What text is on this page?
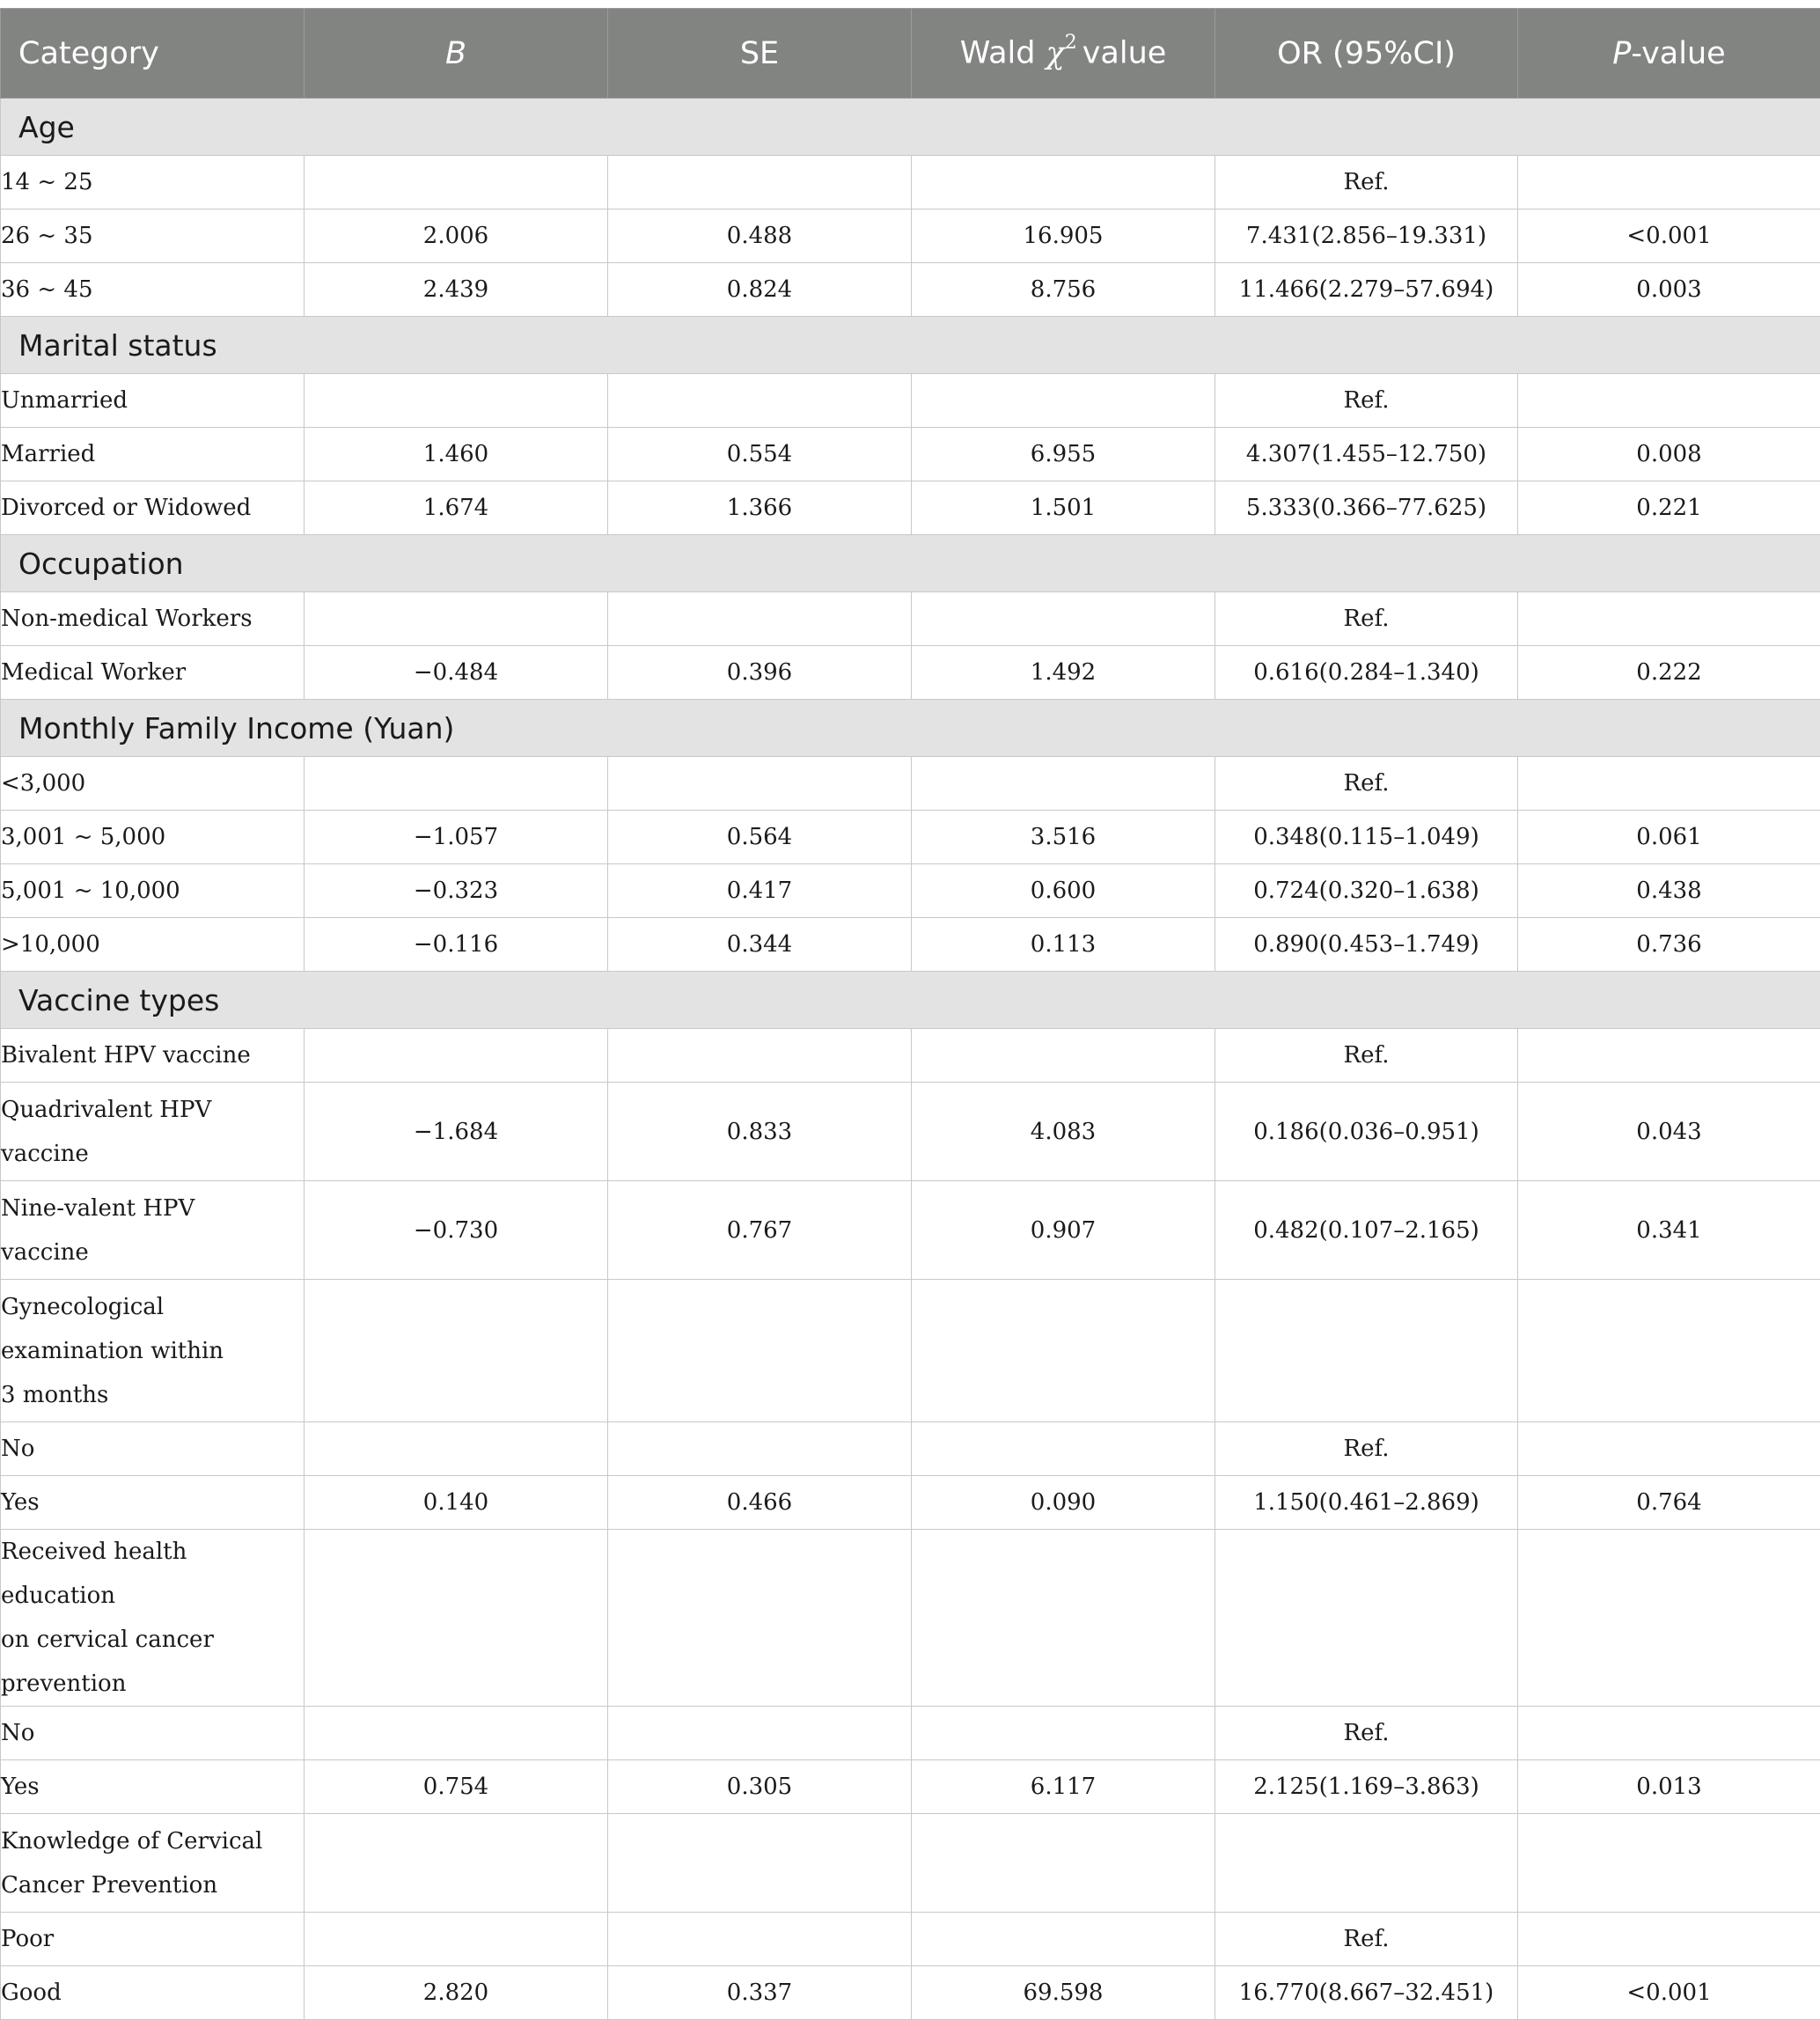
Category	B	SE	Wald $\chi^2$ value	OR (95%CI)	P-value
Age					
14 ~ 25				Ref.	
26 ~ 35	2.006	0.488	16.905	7.431(2.856–19.331)	<0.001
36 ~ 45	2.439	0.824	8.756	11.466(2.279–57.694)	0.003
Marital status					
Unmarried				Ref.	
Married	1.460	0.554	6.955	4.307(1.455–12.750)	0.008
Divorced or Widowed	1.674	1.366	1.501	5.333(0.366–77.625)	0.221
Occupation					
Non-medical Workers				Ref.	
Medical Worker	−0.484	0.396	1.492	0.616(0.284–1.340)	0.222
Monthly Family Income (Yuan)					
<3,000				Ref.	
3,001 ~ 5,000	−1.057	0.564	3.516	0.348(0.115–1.049)	0.061
5,001 ~ 10,000	−0.323	0.417	0.600	0.724(0.320–1.638)	0.438
>10,000	−0.116	0.344	0.113	0.890(0.453–1.749)	0.736
Vaccine types					
Bivalent HPV vaccine				Ref.	

Quadrivalent HPV
vaccine	−1.684	0.833	4.083	0.186(0.036–0.951)	0.043

Nine-valent HPV
vaccine	−0.730	0.767	0.907	0.482(0.107–2.165)	0.341

Gynecological
examination within
3 months					

No				Ref.	
Yes	0.140	0.466	0.090	1.150(0.461–2.869)	0.764

Received health education
on cervical cancer
prevention					

No				Ref.	
Yes	0.754	0.305	6.117	2.125(1.169–3.863)	0.013

Knowledge of Cervical
Cancer Prevention					

Poor				Ref.	
Good	2.820	0.337	69.598	16.770(8.667–32.451)	<0.001
